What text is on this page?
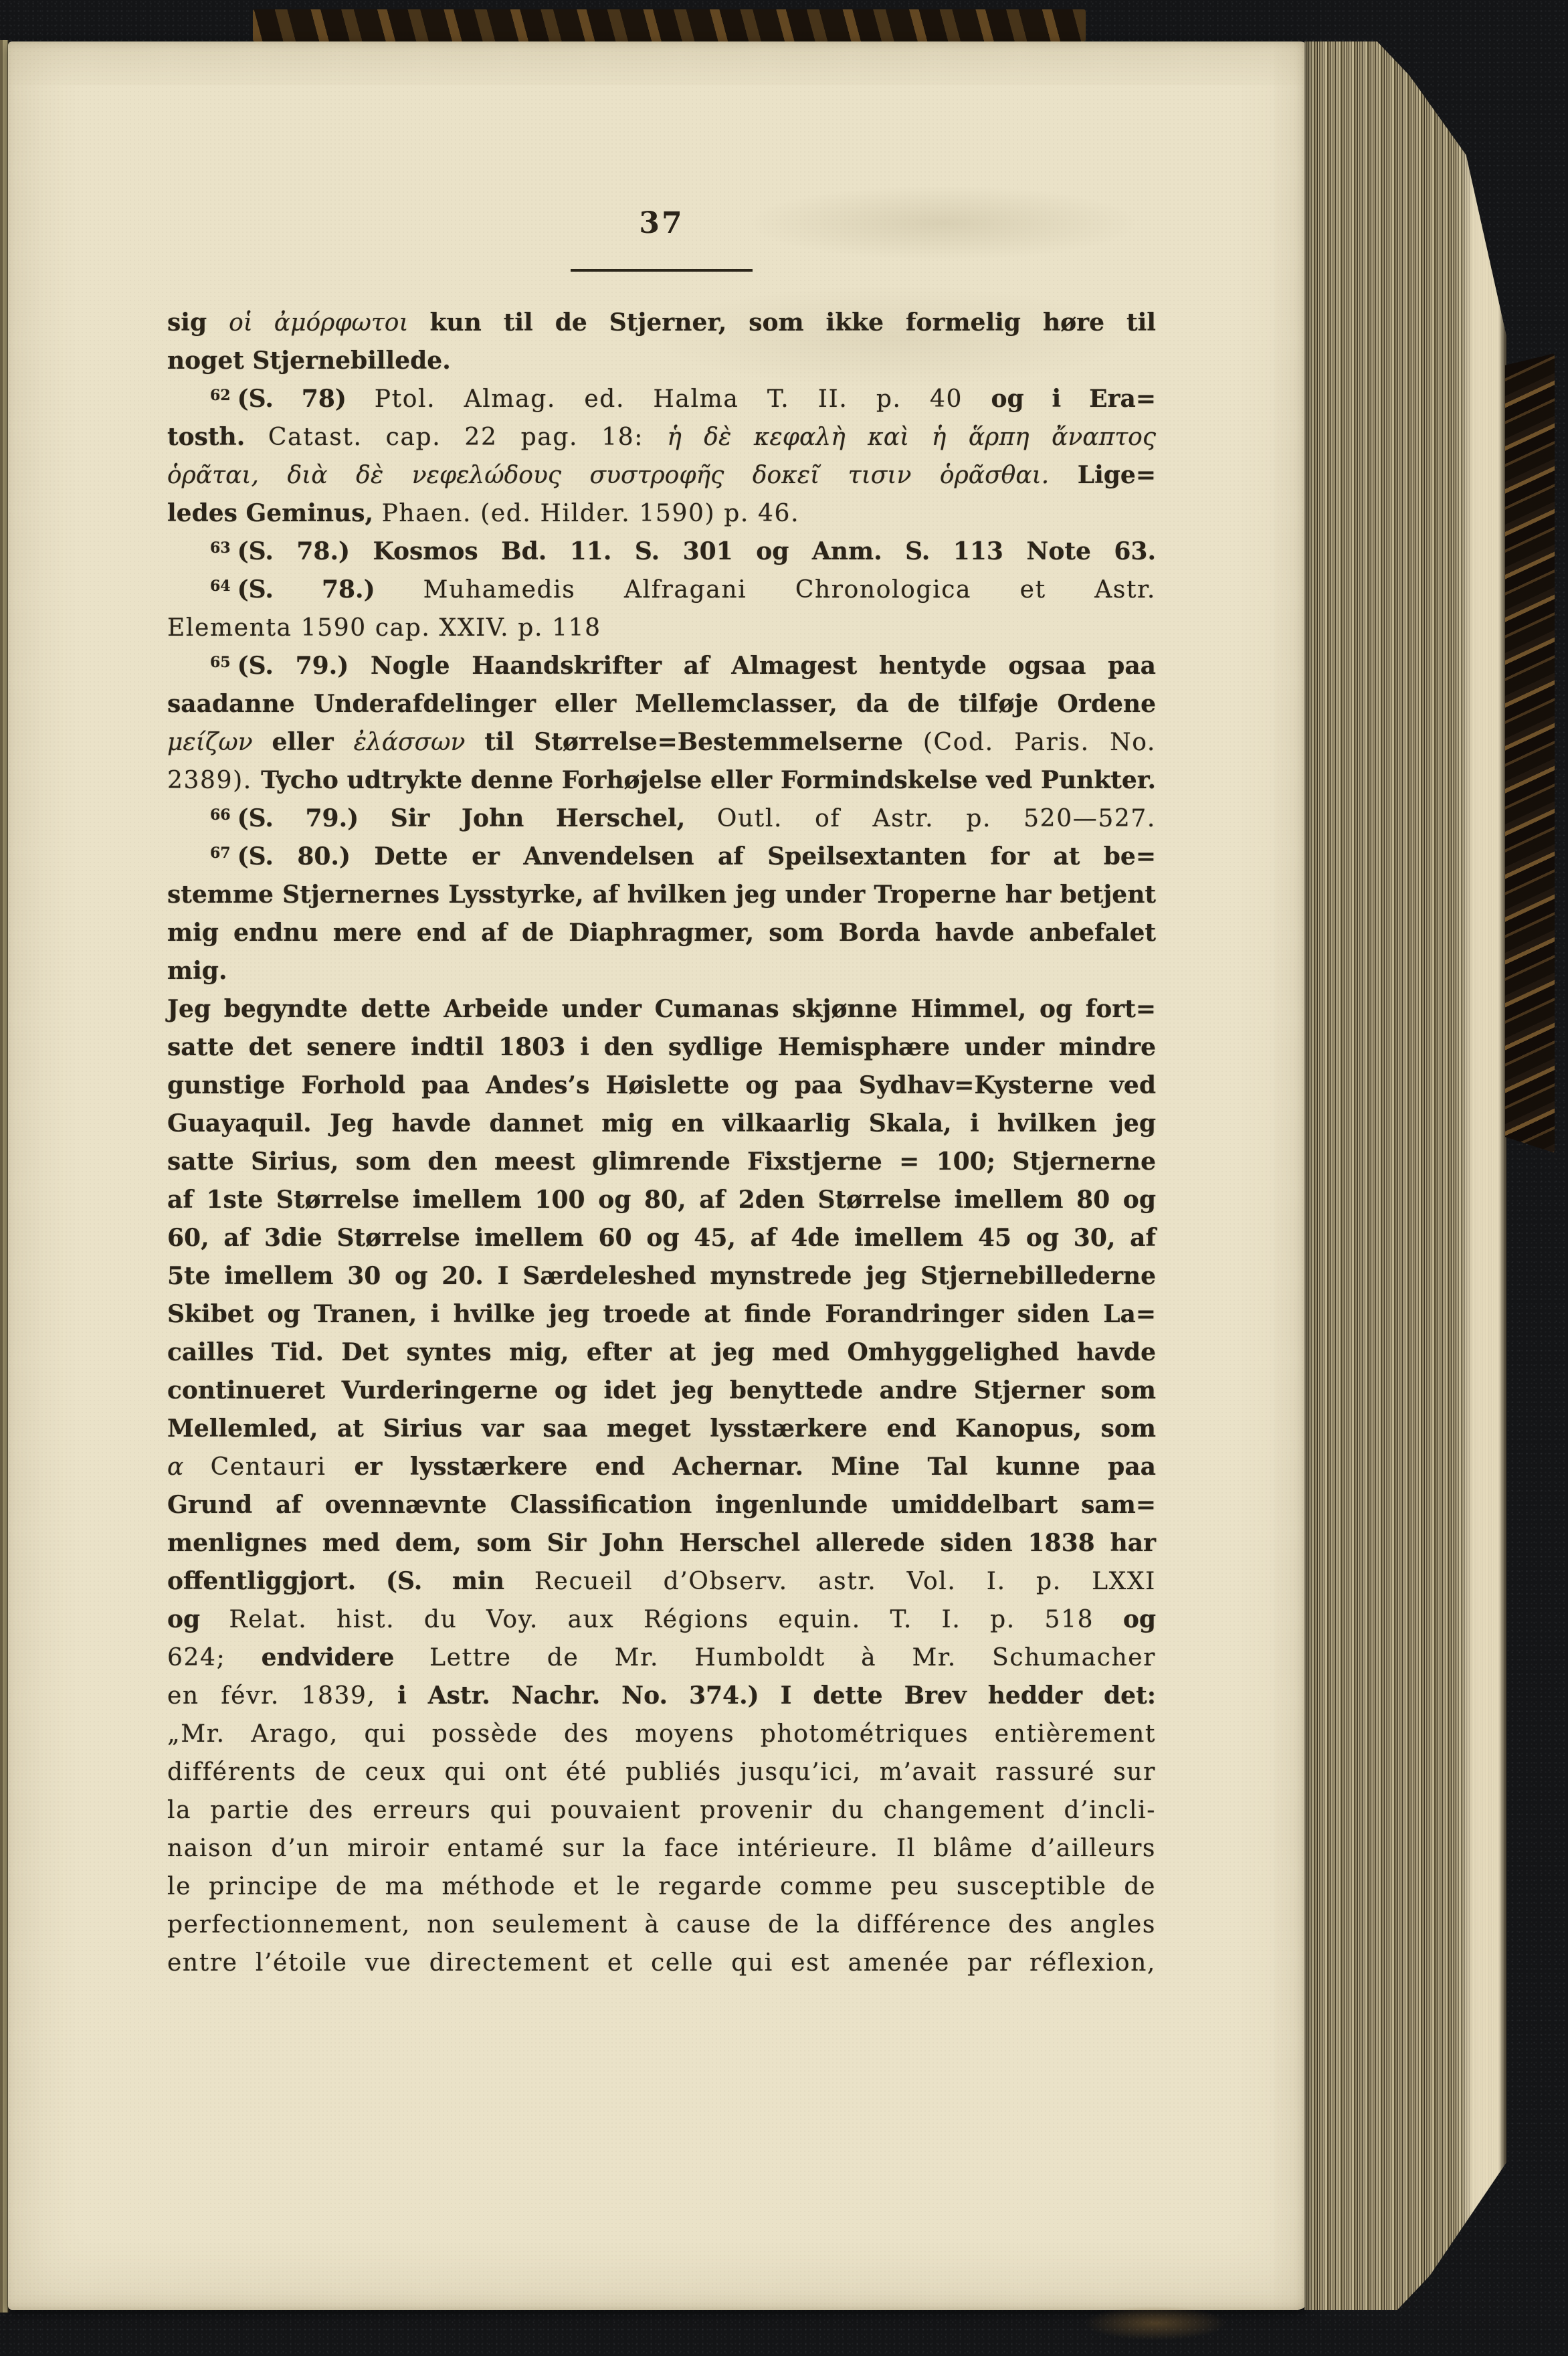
37
sig οἱ ἀμόρφωτοι kun til de Stjerner, som ikke formelig høre til
noget Stjernebillede.
$^{62}$ (S. 78) Ptol. Almag. ed. Halma T. II. p. 40 og i Era=
tosth. Catast. cap. 22 pag. 18: ἡ δὲ κεφαλὴ καὶ ἡ ἅρπη ἄναπτος
ὁρᾶται, διὰ δὲ νεφελώδους συστροφῆς δοκεῖ τισιν ὁρᾶσθαι. Lige=
ledes Geminus, Phaen. (ed. Hilder. 1590) p. 46.
$^{63}$ (S. 78.) Kosmos Bd. 11. S. 301 og Anm. S. 113 Note 63.
$^{64}$ (S. 78.) Muhamedis Alfragani Chronologica et Astr.
Elementa 1590 cap. XXIV. p. 118
$^{65}$ (S. 79.) Nogle Haandskrifter af Almagest hentyde ogsaa paa
saadanne Underafdelinger eller Mellemclasser, da de tilføje Ordene
μείζων eller ἐλάσσων til Størrelse=Bestemmelserne (Cod. Paris. No.
2389). Tycho udtrykte denne Forhøjelse eller Formindskelse ved Punkter.
$^{66}$ (S. 79.) Sir John Herschel, Outl. of Astr. p. 520—527.
$^{67}$ (S. 80.) Dette er Anvendelsen af Speilsextanten for at be=
stemme Stjernernes Lysstyrke, af hvilken jeg under Troperne har betjent
mig endnu mere end af de Diaphragmer, som Borda havde anbefalet mig.
Jeg begyndte dette Arbeide under Cumanas skjønne Himmel, og fort=
satte det senere indtil 1803 i den sydlige Hemisphære under mindre
gunstige Forhold paa Andes’s Høislette og paa Sydhav=Kysterne ved
Guayaquil. Jeg havde dannet mig en vilkaarlig Skala, i hvilken jeg
satte Sirius, som den meest glimrende Fixstjerne = 100; Stjernerne
af 1ste Størrelse imellem 100 og 80, af 2den Størrelse imellem 80 og
60, af 3die Størrelse imellem 60 og 45, af 4de imellem 45 og 30, af
5te imellem 30 og 20. I Særdeleshed mynstrede jeg Stjernebillederne
Skibet og Tranen, i hvilke jeg troede at finde Forandringer siden La=
cailles Tid. Det syntes mig, efter at jeg med Omhyggelighed havde
continueret Vurderingerne og idet jeg benyttede andre Stjerner som
Mellemled, at Sirius var saa meget lysstærkere end Kanopus, som
α Centauri er lysstærkere end Achernar. Mine Tal kunne paa
Grund af ovennævnte Classification ingenlunde umiddelbart sam=
menlignes med dem, som Sir John Herschel allerede siden 1838 har
offentliggjort. (S. min Recueil d’Observ. astr. Vol. I. p. LXXI
og Relat. hist. du Voy. aux Régions equin. T. I. p. 518 og
624; endvidere Lettre de Mr. Humboldt à Mr. Schumacher
en févr. 1839, i Astr. Nachr. No. 374.) I dette Brev hedder det:
„Mr. Arago, qui possède des moyens photométriques entièrement
différents de ceux qui ont été publiés jusqu’ici, m’avait rassuré sur
la partie des erreurs qui pouvaient provenir du changement d’incli-
naison d’un miroir entamé sur la face intérieure. Il blâme d’ailleurs
le principe de ma méthode et le regarde comme peu susceptible de
perfectionnement, non seulement à cause de la différence des angles
entre l’étoile vue directement et celle qui est amenée par réflexion,
